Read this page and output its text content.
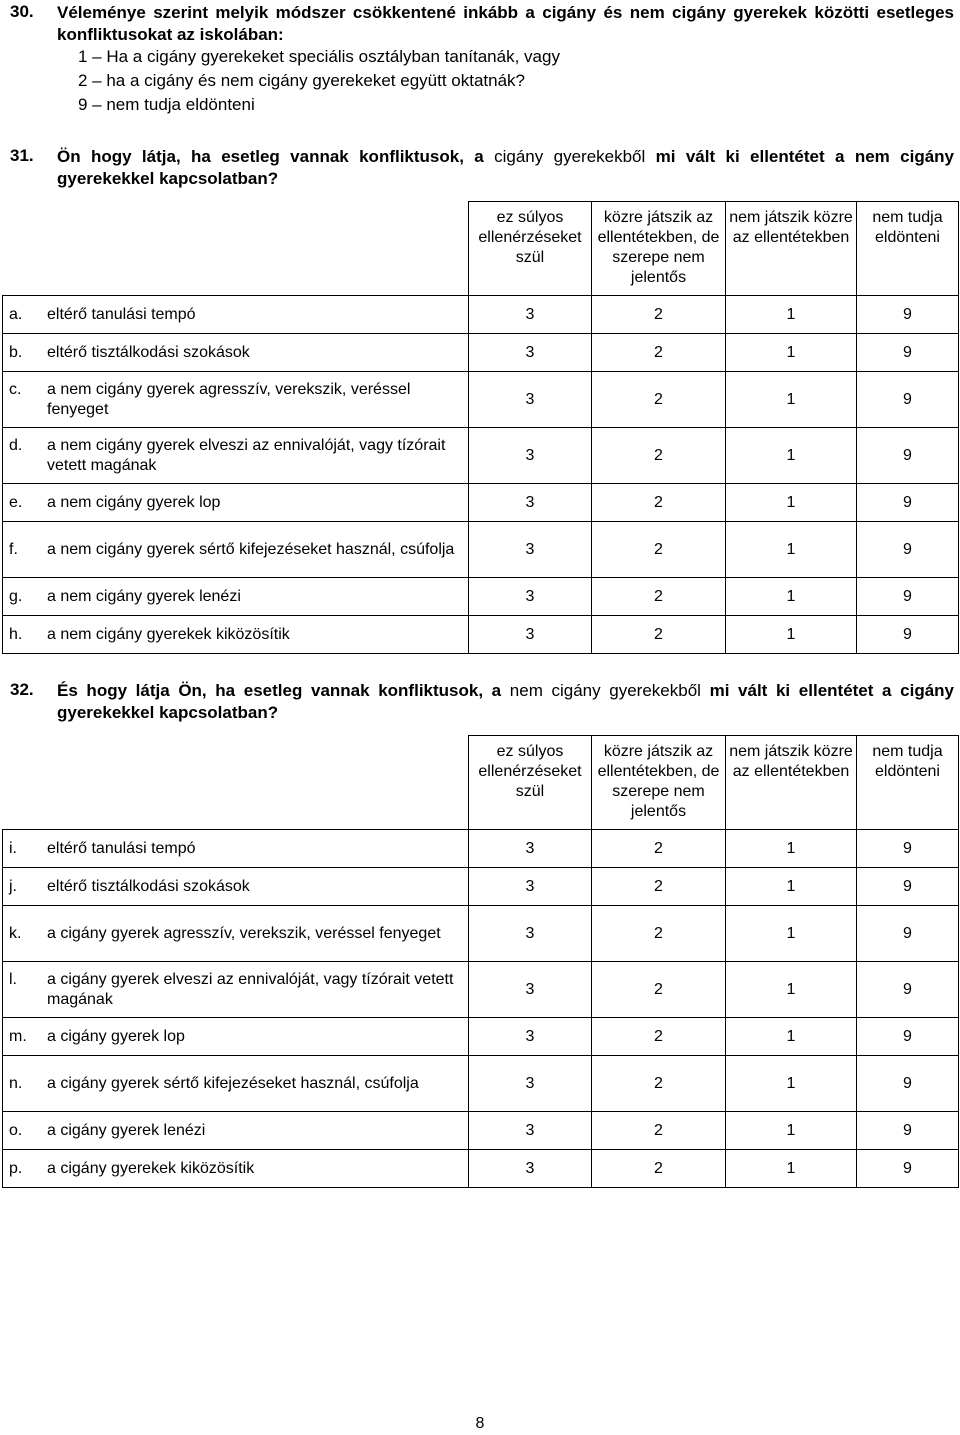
30. Véleménye szerint melyik módszer csökkentené inkább a cigány és nem cigány gyerekek közötti esetleges konfliktusokat az iskolában:
1 – Ha a cigány gyerekeket speciális osztályban tanítanák, vagy
2 – ha a cigány és nem cigány gyerekeket együtt oktatnák?
9 – nem tudja eldönteni
31. Ön hogy látja, ha esetleg vannak konfliktusok, a cigány gyerekekből mi vált ki ellentétet a nem cigány gyerekekkel kapcsolatban?
	ez súlyos ellenérzéseket szül	közre játszik az ellentétekben, de szerepe nem jelentős	nem játszik közre az ellentétekben	nem tudja eldönteni

a. eltérő tanulási tempó	3	2	1	9

b. eltérő tisztálkodási szokások	3	2	1	9

c. a nem cigány gyerek agresszív, verekszik, veréssel fenyeget	3	2	1	9

d. a nem cigány gyerek elveszi az ennivalóját, vagy tízórait vetett magának	3	2	1	9

e. a nem cigány gyerek lop	3	2	1	9

f. a nem cigány gyerek sértő kifejezéseket használ, csúfolja	3	2	1	9

g. a nem cigány gyerek lenézi	3	2	1	9

h. a nem cigány gyerekek kiközösítik	3	2	1	9
32. És hogy látja Ön, ha esetleg vannak konfliktusok, a nem cigány gyerekekből mi vált ki ellentétet a cigány gyerekekkel kapcsolatban?
	ez súlyos ellenérzéseket szül	közre játszik az ellentétekben, de szerepe nem jelentős	nem játszik közre az ellentétekben	nem tudja eldönteni

i. eltérő tanulási tempó	3	2	1	9

j. eltérő tisztálkodási szokások	3	2	1	9

k. a cigány gyerek agresszív, verekszik, veréssel fenyeget	3	2	1	9

l. a cigány gyerek elveszi az ennivalóját, vagy tízórait vetett magának	3	2	1	9

m. a cigány gyerek lop	3	2	1	9

n. a cigány gyerek sértő kifejezéseket használ, csúfolja	3	2	1	9

o. a cigány gyerek lenézi	3	2	1	9

p. a cigány gyerekek kiközösítik	3	2	1	9
8
